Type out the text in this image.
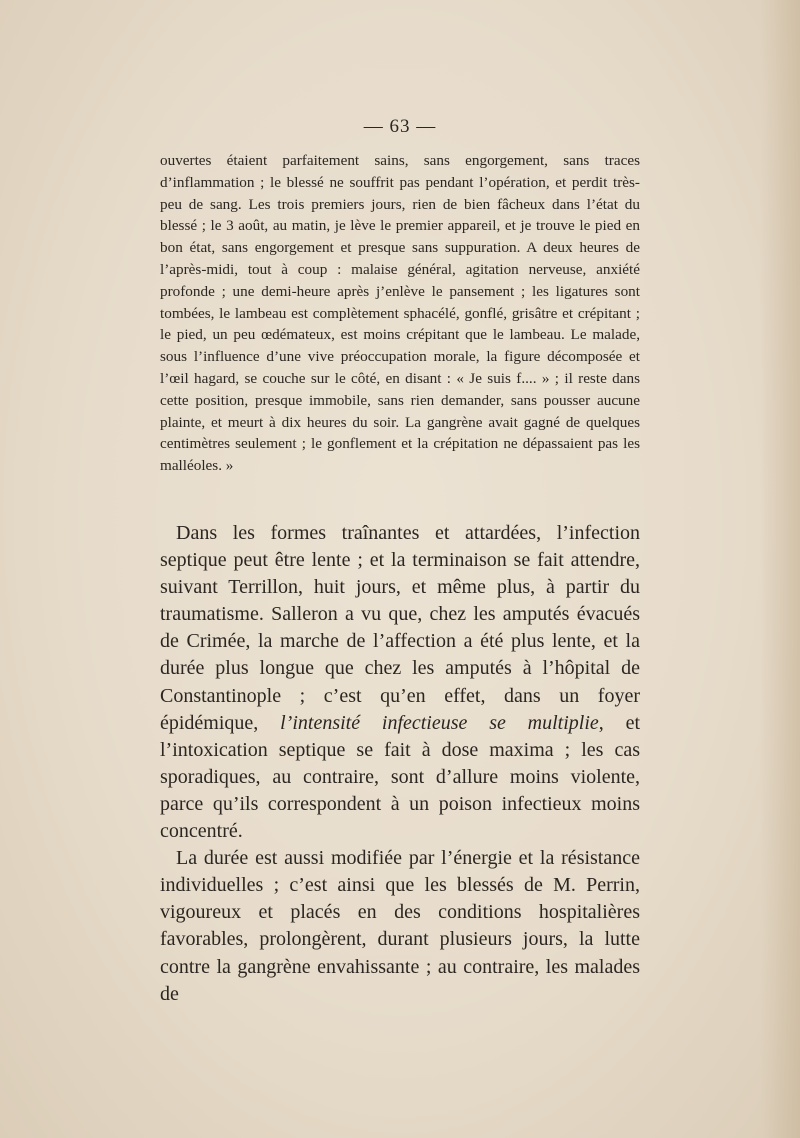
— 63 —

ouvertes étaient parfaitement sains, sans engorgement, sans traces d’inflammation ; le blessé ne souffrit pas pendant l’opération, et perdit très-peu de sang. Les trois premiers jours, rien de bien fâcheux dans l’état du blessé ; le 3 août, au matin, je lève le premier appareil, et je trouve le pied en bon état, sans engorgement et presque sans suppuration. A deux heures de l’après-midi, tout à coup : malaise général, agitation nerveuse, anxiété profonde ; une demi-heure après j’enlève le pansement ; les ligatures sont tombées, le lambeau est complètement sphacélé, gonflé, grisâtre et crépitant ; le pied, un peu œdémateux, est moins crépitant que le lambeau. Le malade, sous l’influence d’une vive préoccupation morale, la figure décomposée et l’œil hagard, se couche sur le côté, en disant : « Je suis f.... » ; il reste dans cette position, presque immobile, sans rien demander, sans pousser aucune plainte, et meurt à dix heures du soir. La gangrène avait gagné de quelques centimètres seulement ; le gonflement et la crépitation ne dépassaient pas les malléoles. »

Dans les formes traînantes et attardées, l’infection septique peut être lente ; et la terminaison se fait attendre, suivant Terrillon, huit jours, et même plus, à partir du traumatisme. Salleron a vu que, chez les amputés évacués de Crimée, la marche de l’affection a été plus lente, et la durée plus longue que chez les amputés à l’hôpital de Constantinople ; c’est qu’en effet, dans un foyer épidémique, l’intensité infectieuse se multiplie, et l’intoxication septique se fait à dose maxima ; les cas sporadiques, au contraire, sont d’allure moins violente, parce qu’ils correspondent à un poison infectieux moins concentré.

La durée est aussi modifiée par l’énergie et la résistance individuelles ; c’est ainsi que les blessés de M. Perrin, vigoureux et placés en des conditions hospitalières favorables, prolongèrent, durant plusieurs jours, la lutte contre la gangrène envahissante ; au contraire, les malades de
